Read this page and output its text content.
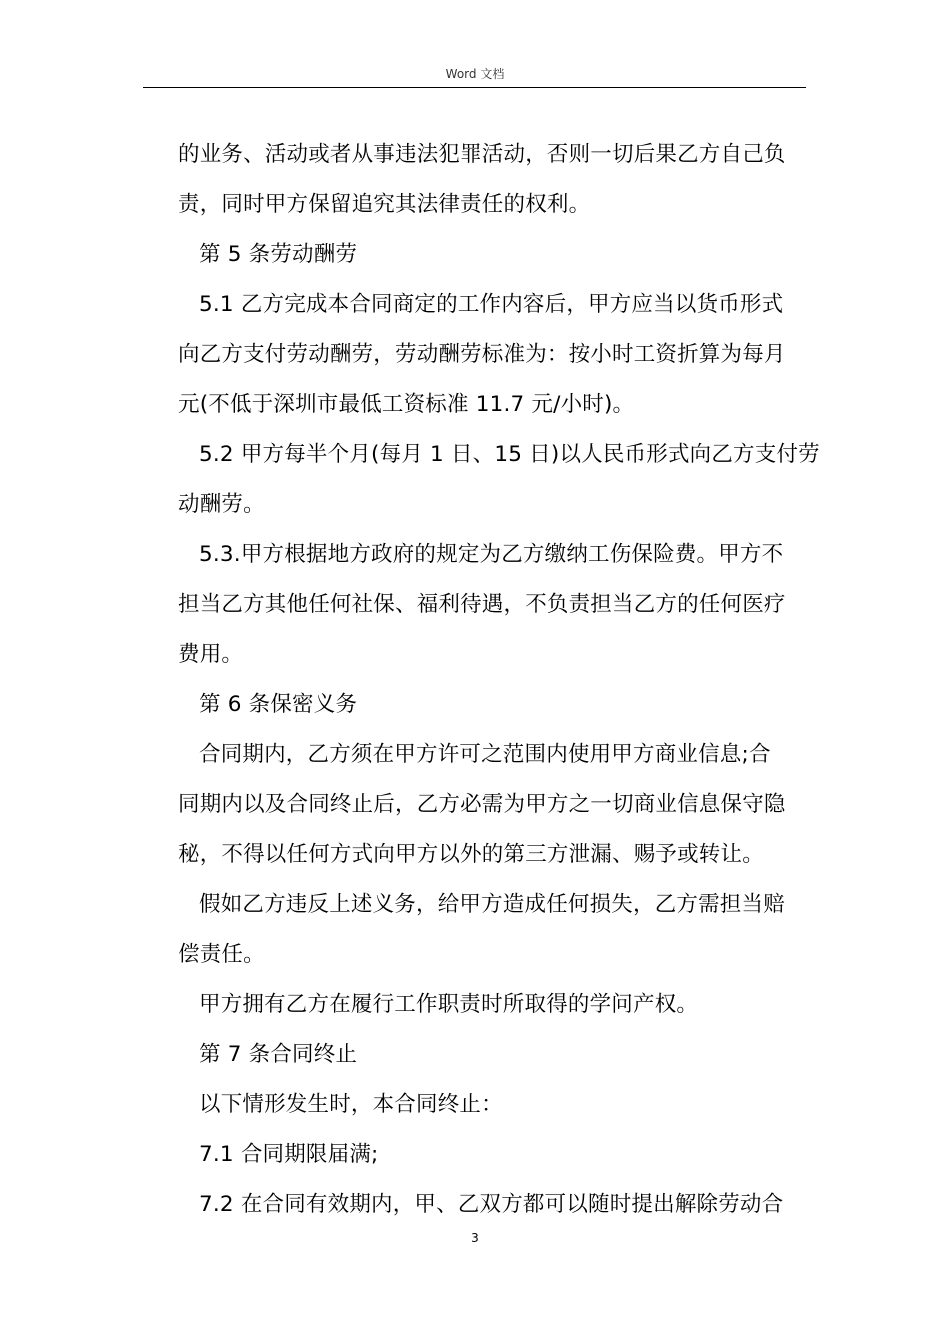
Word 文档
的业务、活动或者从事违法犯罪活动，否则一切后果乙方自己负
责，同时甲方保留追究其法律责任的权利。
第 5 条劳动酬劳
5.1 乙方完成本合同商定的工作内容后，甲方应当以货币形式
向乙方支付劳动酬劳，劳动酬劳标准为：按小时工资折算为每月
元(不低于深圳市最低工资标准 11.7 元/小时)。
5.2 甲方每半个月(每月 1 日、15 日)以人民币形式向乙方支付劳
动酬劳。
5.3.甲方根据地方政府的规定为乙方缴纳工伤保险费。甲方不
担当乙方其他任何社保、福利待遇，不负责担当乙方的任何医疗
费用。
第 6 条保密义务
合同期内，乙方须在甲方许可之范围内使用甲方商业信息;合
同期内以及合同终止后，乙方必需为甲方之一切商业信息保守隐
秘，不得以任何方式向甲方以外的第三方泄漏、赐予或转让。
假如乙方违反上述义务，给甲方造成任何损失，乙方需担当赔
偿责任。
甲方拥有乙方在履行工作职责时所取得的学问产权。
第 7 条合同终止
以下情形发生时，本合同终止：
7.1 合同期限届满;
7.2 在合同有效期内，甲、乙双方都可以随时提出解除劳动合
3
